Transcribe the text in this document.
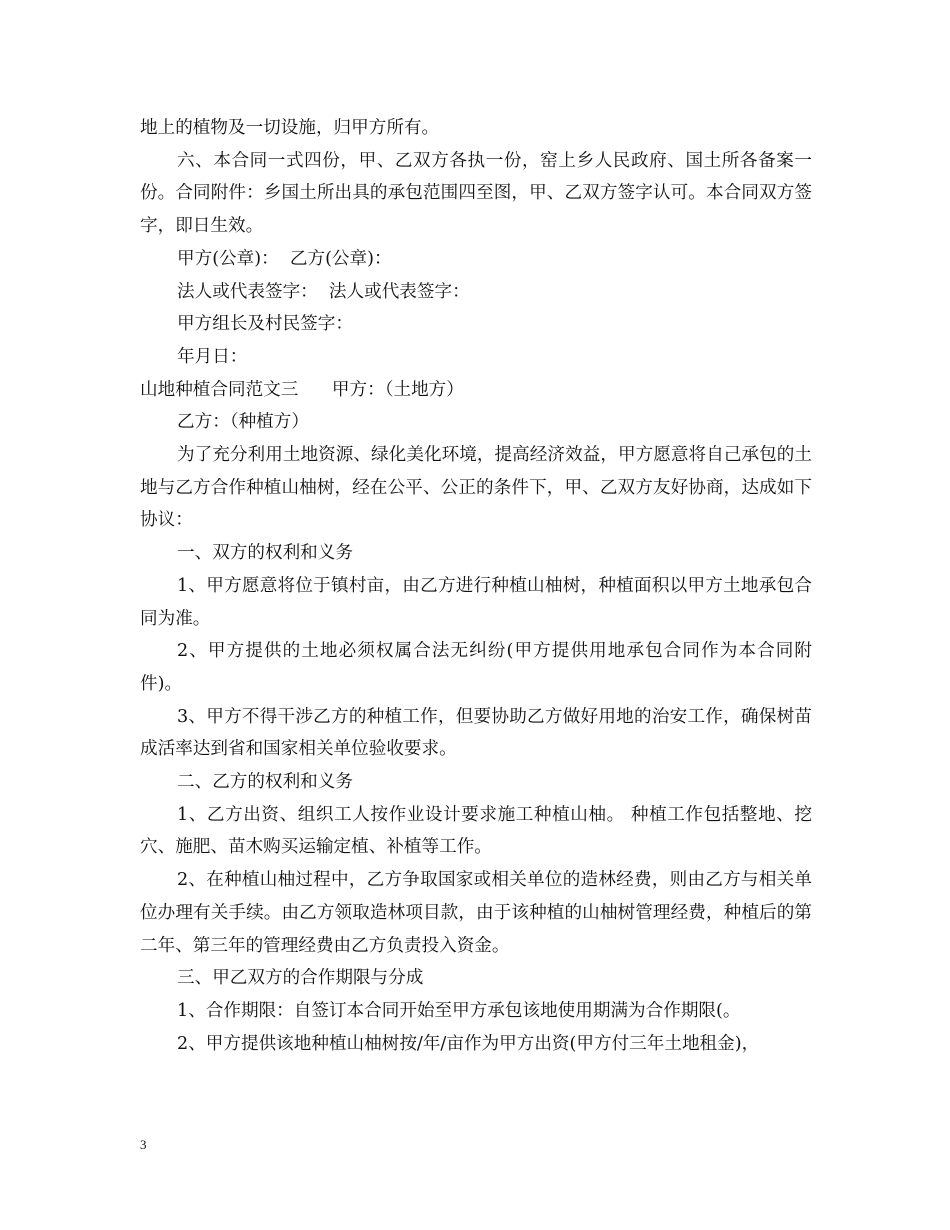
地上的植物及一切设施，归甲方所有。

六、本合同一式四份，甲、乙双方各执一份，窑上乡人民政府、国土所各备案一份。合同附件：乡国土所出具的承包范围四至图，甲、乙双方签字认可。本合同双方签字，即日生效。

甲方(公章)：  乙方(公章)：

法人或代表签字：  法人或代表签字：

甲方组长及村民签字：

年月日：

山地种植合同范文三      甲方：（土地方）

乙方：（种植方）

为了充分利用土地资源、绿化美化环境，提高经济效益，甲方愿意将自己承包的土地与乙方合作种植山柚树，经在公平、公正的条件下，甲、乙双方友好协商，达成如下协议：

一、双方的权利和义务

1、甲方愿意将位于镇村亩，由乙方进行种植山柚树，种植面积以甲方土地承包合同为准。

2、甲方提供的土地必须权属合法无纠纷(甲方提供用地承包合同作为本合同附件)。

3、甲方不得干涉乙方的种植工作，但要协助乙方做好用地的治安工作，确保树苗成活率达到省和国家相关单位验收要求。

二、乙方的权利和义务

1、乙方出资、组织工人按作业设计要求施工种植山柚。 种植工作包括整地、挖穴、施肥、苗木购买运输定植、补植等工作。

2、在种植山柚过程中，乙方争取国家或相关单位的造林经费，则由乙方与相关单位办理有关手续。由乙方领取造林项目款，由于该种植的山柚树管理经费，种植后的第二年、第三年的管理经费由乙方负责投入资金。

三、甲乙双方的合作期限与分成

1、合作期限：自签订本合同开始至甲方承包该地使用期满为合作期限(。

2、甲方提供该地种植山柚树按/年/亩作为甲方出资(甲方付三年土地租金)，

3
